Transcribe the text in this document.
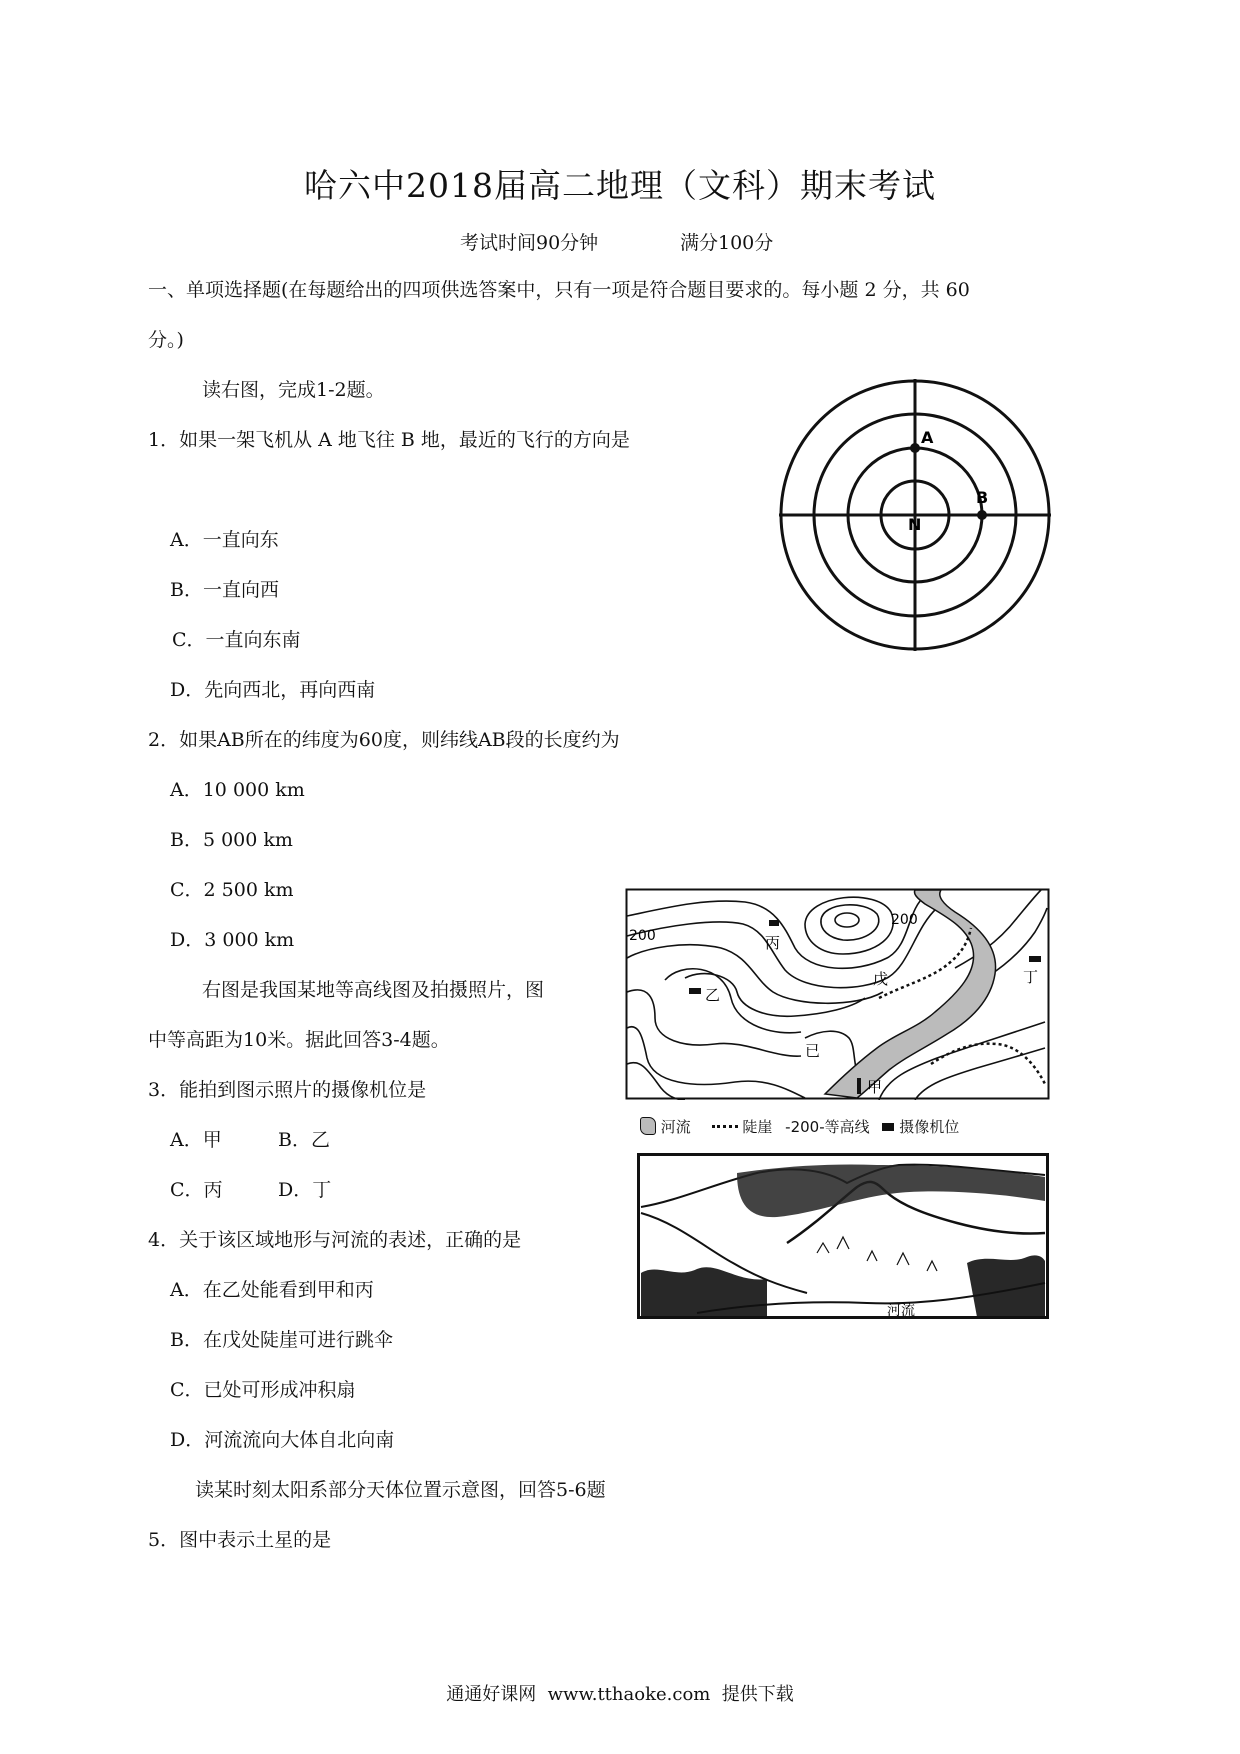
哈六中2018届高二地理（文科）期末考试
考试时间90分钟	满分100分
一、单项选择题(在每题给出的四项供选答案中，只有一项是符合题目要求的。每小题 2 分，共 60
分。)
读右图，完成1-2题。
1．如果一架飞机从 A 地飞往 B 地，最近的飞行的方向是
A．一直向东
B．一直向西
C．一直向东南
D．先向西北，再向西南
2．如果AB所在的纬度为60度，则纬线AB段的长度约为
A．10 000 km
B．5 000 km
C．2 500 km
D．3 000 km
右图是我国某地等高线图及拍摄照片，图
中等高距为10米。据此回答3-4题。
3．能拍到图示照片的摄像机位是
A．甲	B．乙
C．丙	D．丁
4．关于该区域地形与河流的表述，正确的是
A．在乙处能看到甲和丙
B．在戊处陡崖可进行跳伞
C．已处可形成冲积扇
D．河流流向大体自北向南
读某时刻太阳系部分天体位置示意图，回答5-6题
5．图中表示土星的是
A
B
N
200
200
丙
乙
戊
已
甲
丁
河流	陡崖 -200-等高线 摄像机位
河流
通通好课网  www.tthaoke.com  提供下载
